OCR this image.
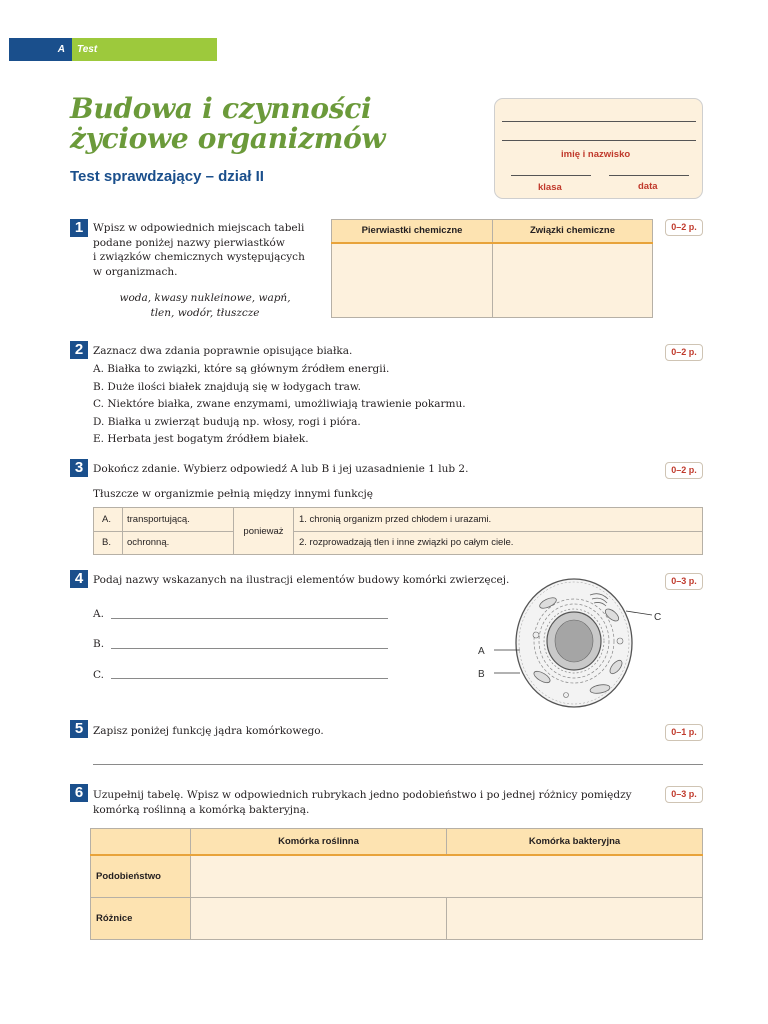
A	Test
Budowa i czynności
życiowe organizmów
Test sprawdzający – dział II
imię i nazwisko
klasa	data
1 Wpisz w odpowiednich miejscach tabeli
podane poniżej nazwy pierwiastków
i związków chemicznych występujących
w organizmach.
woda, kwasy nukleinowe, wapń,
tlen, wodór, tłuszcze
Pierwiastki chemiczne	Związki chemiczne
		0–2 p.
2 Zaznacz dwa zdania poprawnie opisujące białka.
A. Białka to związki, które są głównym źródłem energii.
B. Duże ilości białek znajdują się w łodygach traw.
C. Niektóre białka, zwane enzymami, umożliwiają trawienie pokarmu.
D. Białka u zwierząt budują np. włosy, rogi i pióra.
E. Herbata jest bogatym źródłem białek.
0–2 p.
3 Dokończ zdanie. Wybierz odpowiedź A lub B i jej uzasadnienie 1 lub 2.
Tłuszcze w organizmie pełnią między innymi funkcję
A.	transportującą.	ponieważ	1. chronią organizm przed chłodem i urazami.
B.	ochronną.		2. rozprowadzają tlen i inne związki po całym ciele.
0–2 p.
4 Podaj nazwy wskazanych na ilustracji elementów budowy komórki zwierzęcej.	0–3 p.
A.
B.
C.
A
B
C
5 Zapisz poniżej funkcję jądra komórkowego.	0–1 p.
6 Uzupełnij tabelę. Wpisz w odpowiednich rubrykach jedno podobieństwo i po jednej różnicy pomiędzy
komórką roślinną a komórką bakteryjną.
0–3 p.
	Komórka roślinna	Komórka bakteryjna
Podobieństwo		
Różnice		
